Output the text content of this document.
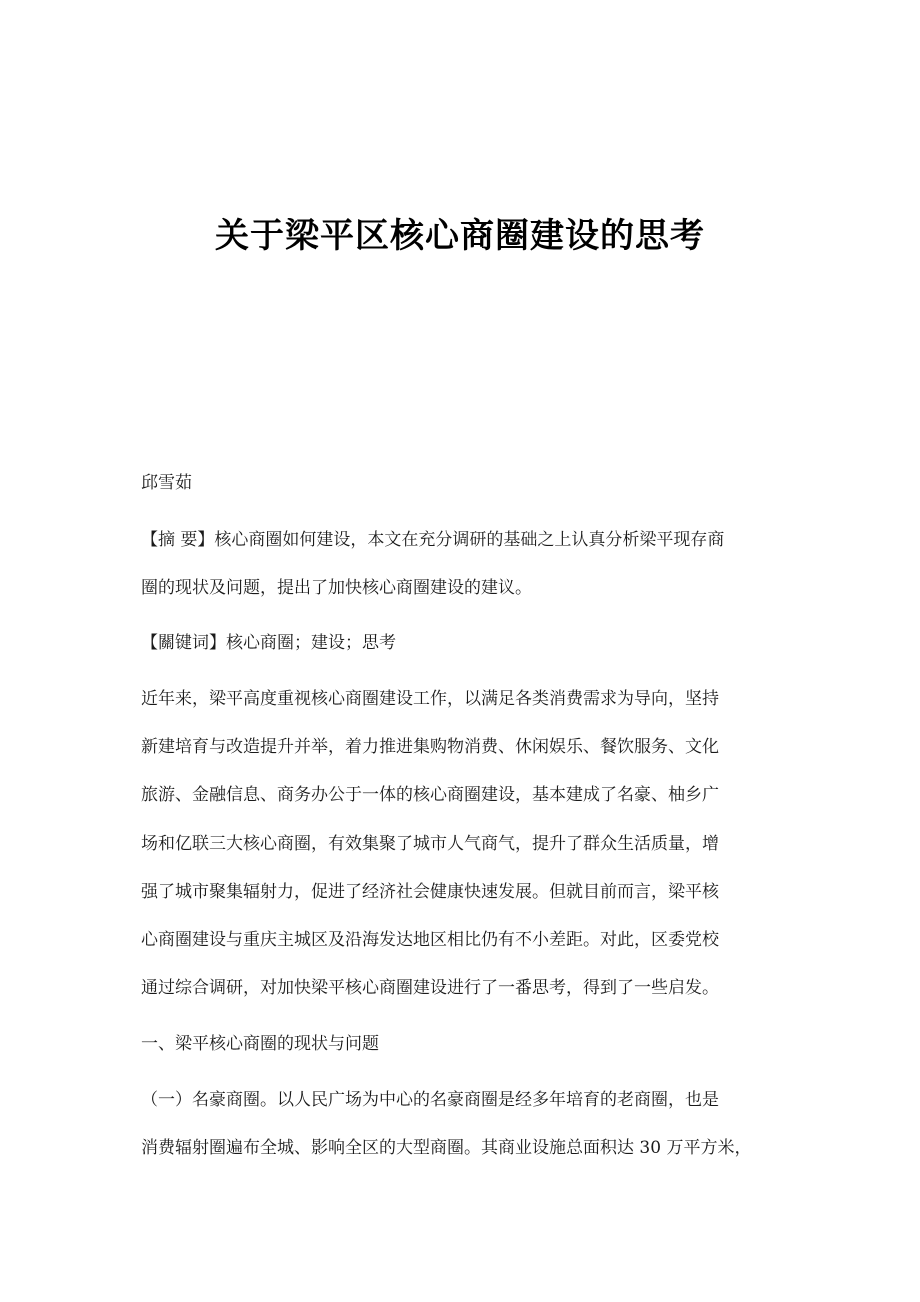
关于梁平区核心商圈建设的思考
邱雪茹
【摘 要】核心商圈如何建设，本文在充分调研的基础之上认真分析梁平现存商
圈的现状及问题，提出了加快核心商圈建设的建议。
【關键词】核心商圈；建设；思考
近年来，梁平高度重视核心商圈建设工作，以满足各类消费需求为导向，坚持
新建培育与改造提升并举，着力推进集购物消费、休闲娱乐、餐饮服务、文化
旅游、金融信息、商务办公于一体的核心商圈建设，基本建成了名豪、柚乡广
场和亿联三大核心商圈，有效集聚了城市人气商气，提升了群众生活质量，增
强了城市聚集辐射力，促进了经济社会健康快速发展。但就目前而言，梁平核
心商圈建设与重庆主城区及沿海发达地区相比仍有不小差距。对此，区委党校
通过综合调研，对加快梁平核心商圈建设进行了一番思考，得到了一些启发。
一、梁平核心商圈的现状与问题
（一）名豪商圈。以人民广场为中心的名豪商圈是经多年培育的老商圈，也是
消费辐射圈遍布全城、影响全区的大型商圈。其商业设施总面积达 30 万平方米，
